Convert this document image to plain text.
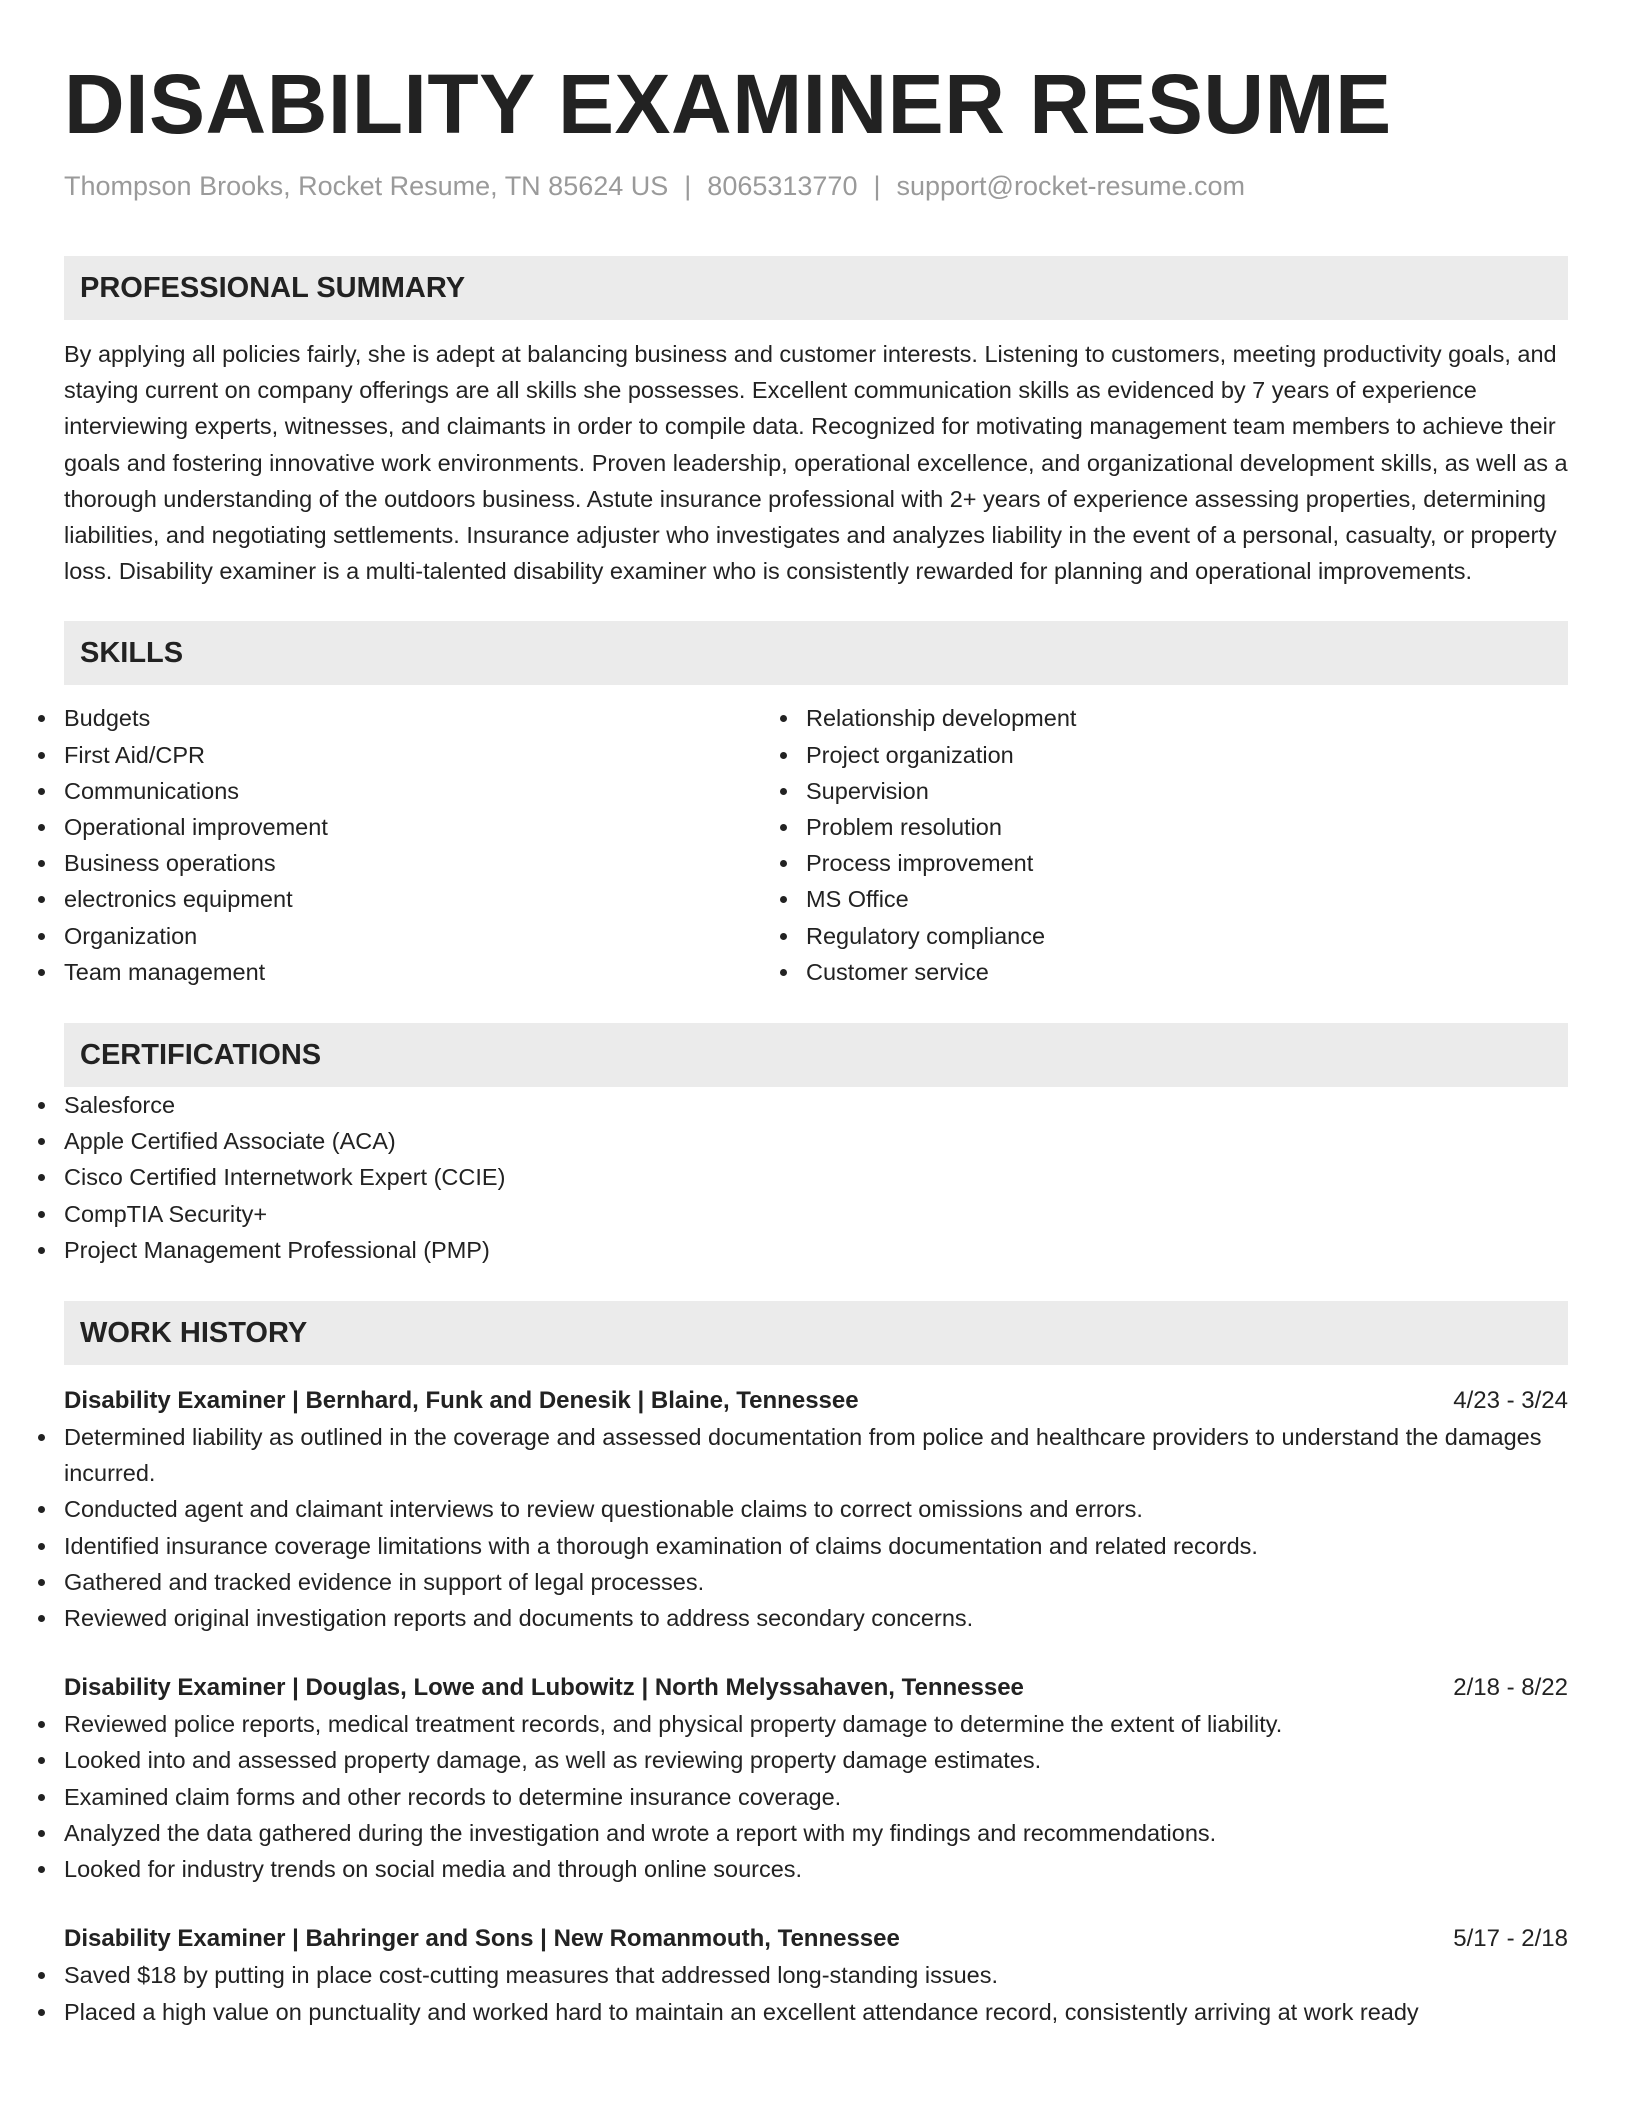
DISABILITY EXAMINER RESUME
Thompson Brooks, Rocket Resume, TN 85624 US | 8065313770 | support@rocket-resume.com
PROFESSIONAL SUMMARY

By applying all policies fairly, she is adept at balancing business and customer interests. Listening to customers, meeting productivity goals, and staying current on company offerings are all skills she possesses. Excellent communication skills as evidenced by 7 years of experience interviewing experts, witnesses, and claimants in order to compile data. Recognized for motivating management team members to achieve their goals and fostering innovative work environments. Proven leadership, operational excellence, and organizational development skills, as well as a thorough understanding of the outdoors business. Astute insurance professional with 2+ years of experience assessing properties, determining liabilities, and negotiating settlements. Insurance adjuster who investigates and analyzes liability in the event of a personal, casualty, or property loss. Disability examiner is a multi-talented disability examiner who is consistently rewarded for planning and operational improvements.

SKILLS
Budgets
First Aid/CPR
Communications
Operational improvement
Business operations
electronics equipment
Organization
Team management
Relationship development
Project organization
Supervision
Problem resolution
Process improvement
MS Office
Regulatory compliance
Customer service
CERTIFICATIONS
Salesforce
Apple Certified Associate (ACA)
Cisco Certified Internetwork Expert (CCIE)
CompTIA Security+
Project Management Professional (PMP)
WORK HISTORY
Disability Examiner | Bernhard, Funk and Denesik | Blaine, Tennessee	4/23 - 3/24
Determined liability as outlined in the coverage and assessed documentation from police and healthcare providers to understand the damages incurred.
Conducted agent and claimant interviews to review questionable claims to correct omissions and errors.
Identified insurance coverage limitations with a thorough examination of claims documentation and related records.
Gathered and tracked evidence in support of legal processes.
Reviewed original investigation reports and documents to address secondary concerns.
Disability Examiner | Douglas, Lowe and Lubowitz | North Melyssahaven, Tennessee	2/18 - 8/22
Reviewed police reports, medical treatment records, and physical property damage to determine the extent of liability.
Looked into and assessed property damage, as well as reviewing property damage estimates.
Examined claim forms and other records to determine insurance coverage.
Analyzed the data gathered during the investigation and wrote a report with my findings and recommendations.
Looked for industry trends on social media and through online sources.
Disability Examiner | Bahringer and Sons | New Romanmouth, Tennessee	5/17 - 2/18
Saved $18 by putting in place cost-cutting measures that addressed long-standing issues.
Placed a high value on punctuality and worked hard to maintain an excellent attendance record, consistently arriving at work ready
